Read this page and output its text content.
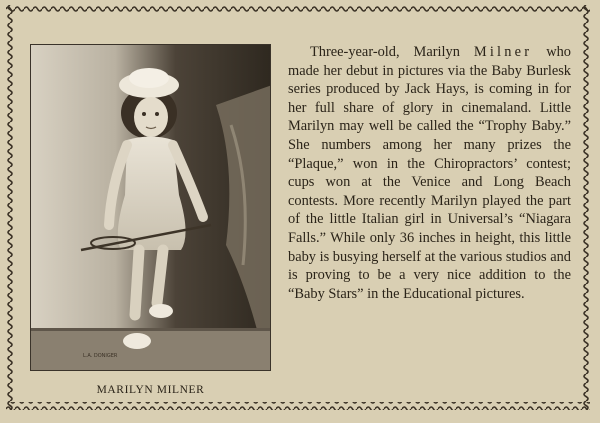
L.A. DONIGER
MARILYN MILNER

Three-year-old, Marilyn Milner who made her debut in pictures via the Baby Burlesk series produced by Jack Hays, is coming in for her full share of glory in cinemaland. Little Marilyn may well be called the “Trophy Baby.” She numbers among her many prizes the “Plaque,” won in the Chiropractors’ contest; cups won at the Venice and Long Beach contests. More recently Marilyn played the part of the little Italian girl in Universal’s “Niagara Falls.” While only 36 inches in height, this little baby is busying herself at the various studios and is proving to be a very nice addition to the “Baby Stars” in the Educational pictures.
